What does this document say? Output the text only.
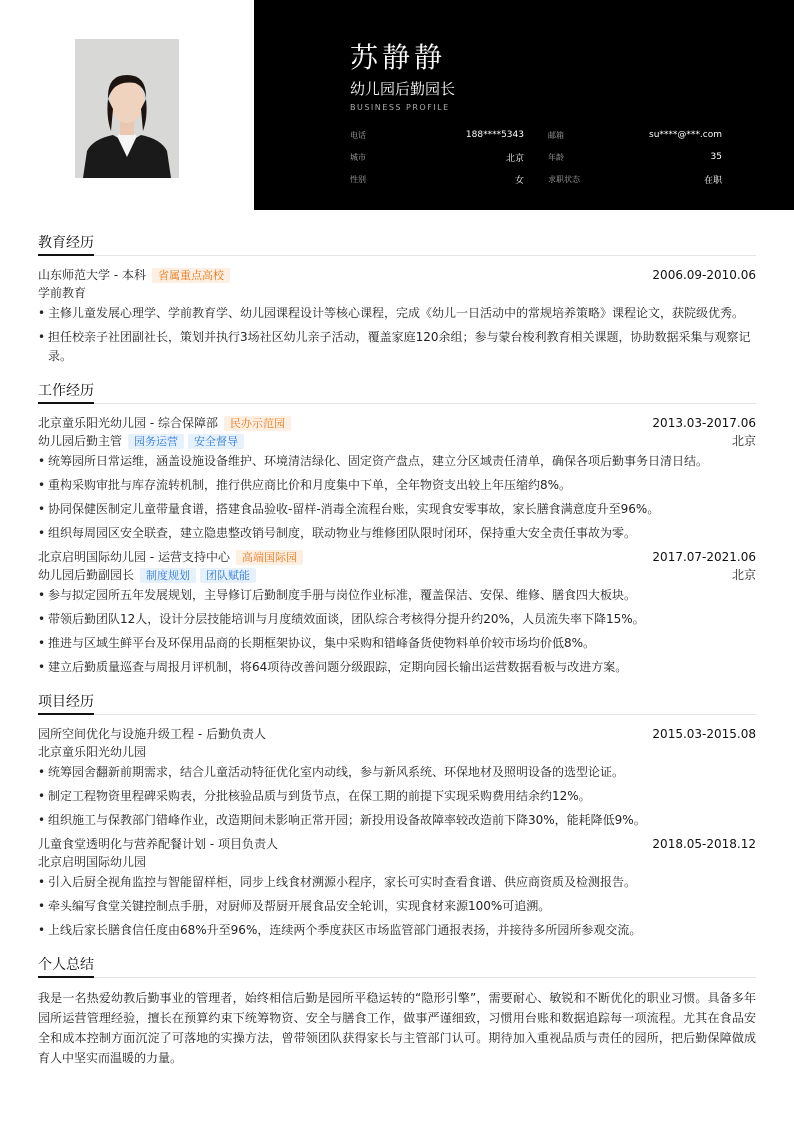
苏静静
幼儿园后勤园长
BUSINESS PROFILE
电话	188****5343	邮箱	su****@***.com
城市	北京	年龄	35
性别	女	求职状态	在职
教育经历
山东师范大学 - 本科	省属重点高校	2006.09-2010.06
学前教育
• 主修儿童发展心理学、学前教育学、幼儿园课程设计等核心课程，完成《幼儿一日活动中的常规培养策略》课程论文，获院级优秀。
• 担任校亲子社团副社长，策划并执行3场社区幼儿亲子活动，覆盖家庭120余组；参与蒙台梭利教育相关课题，协助数据采集与观察记录。
工作经历
北京童乐阳光幼儿园 - 综合保障部	民办示范园	2013.03-2017.06
幼儿园后勤主管	园务运营	安全督导	北京
• 统筹园所日常运维，涵盖设施设备维护、环境清洁绿化、固定资产盘点，建立分区域责任清单，确保各项后勤事务日清日结。
• 重构采购审批与库存流转机制，推行供应商比价和月度集中下单，全年物资支出较上年压缩约8%。
• 协同保健医制定儿童带量食谱，搭建食品验收-留样-消毒全流程台账，实现食安零事故，家长膳食满意度升至96%。
• 组织每周园区安全联查，建立隐患整改销号制度，联动物业与维修团队限时闭环，保持重大安全责任事故为零。
北京启明国际幼儿园 - 运营支持中心	高端国际园	2017.07-2021.06
幼儿园后勤副园长	制度规划	团队赋能	北京
• 参与拟定园所五年发展规划，主导修订后勤制度手册与岗位作业标准，覆盖保洁、安保、维修、膳食四大板块。
• 带领后勤团队12人，设计分层技能培训与月度绩效面谈，团队综合考核得分提升约20%，人员流失率下降15%。
• 推进与区域生鲜平台及环保用品商的长期框架协议，集中采购和错峰备货使物料单价较市场均价低8%。
• 建立后勤质量巡查与周报月评机制，将64项待改善问题分级跟踪，定期向园长输出运营数据看板与改进方案。
项目经历
园所空间优化与设施升级工程 - 后勤负责人	2015.03-2015.08
北京童乐阳光幼儿园
• 统筹园舍翻新前期需求，结合儿童活动特征优化室内动线，参与新风系统、环保地材及照明设备的选型论证。
• 制定工程物资里程碑采购表，分批核验品质与到货节点，在保工期的前提下实现采购费用结余约12%。
• 组织施工与保教部门错峰作业，改造期间未影响正常开园；新投用设备故障率较改造前下降30%，能耗降低9%。
儿童食堂透明化与营养配餐计划 - 项目负责人	2018.05-2018.12
北京启明国际幼儿园
• 引入后厨全视角监控与智能留样柜，同步上线食材溯源小程序，家长可实时查看食谱、供应商资质及检测报告。
• 牵头编写食堂关键控制点手册，对厨师及帮厨开展食品安全轮训，实现食材来源100%可追溯。
• 上线后家长膳食信任度由68%升至96%，连续两个季度获区市场监管部门通报表扬，并接待多所园所参观交流。
个人总结

我是一名热爱幼教后勤事业的管理者，始终相信后勤是园所平稳运转的“隐形引擎”，需要耐心、敏锐和不断优化的职业习惯。具备多年园所运营管理经验，擅长在预算约束下统筹物资、安全与膳食工作，做事严谨细致，习惯用台账和数据追踪每一项流程。尤其在食品安全和成本控制方面沉淀了可落地的实操方法，曾带领团队获得家长与主管部门认可。期待加入重视品质与责任的园所，把后勤保障做成育人中坚实而温暖的力量。
